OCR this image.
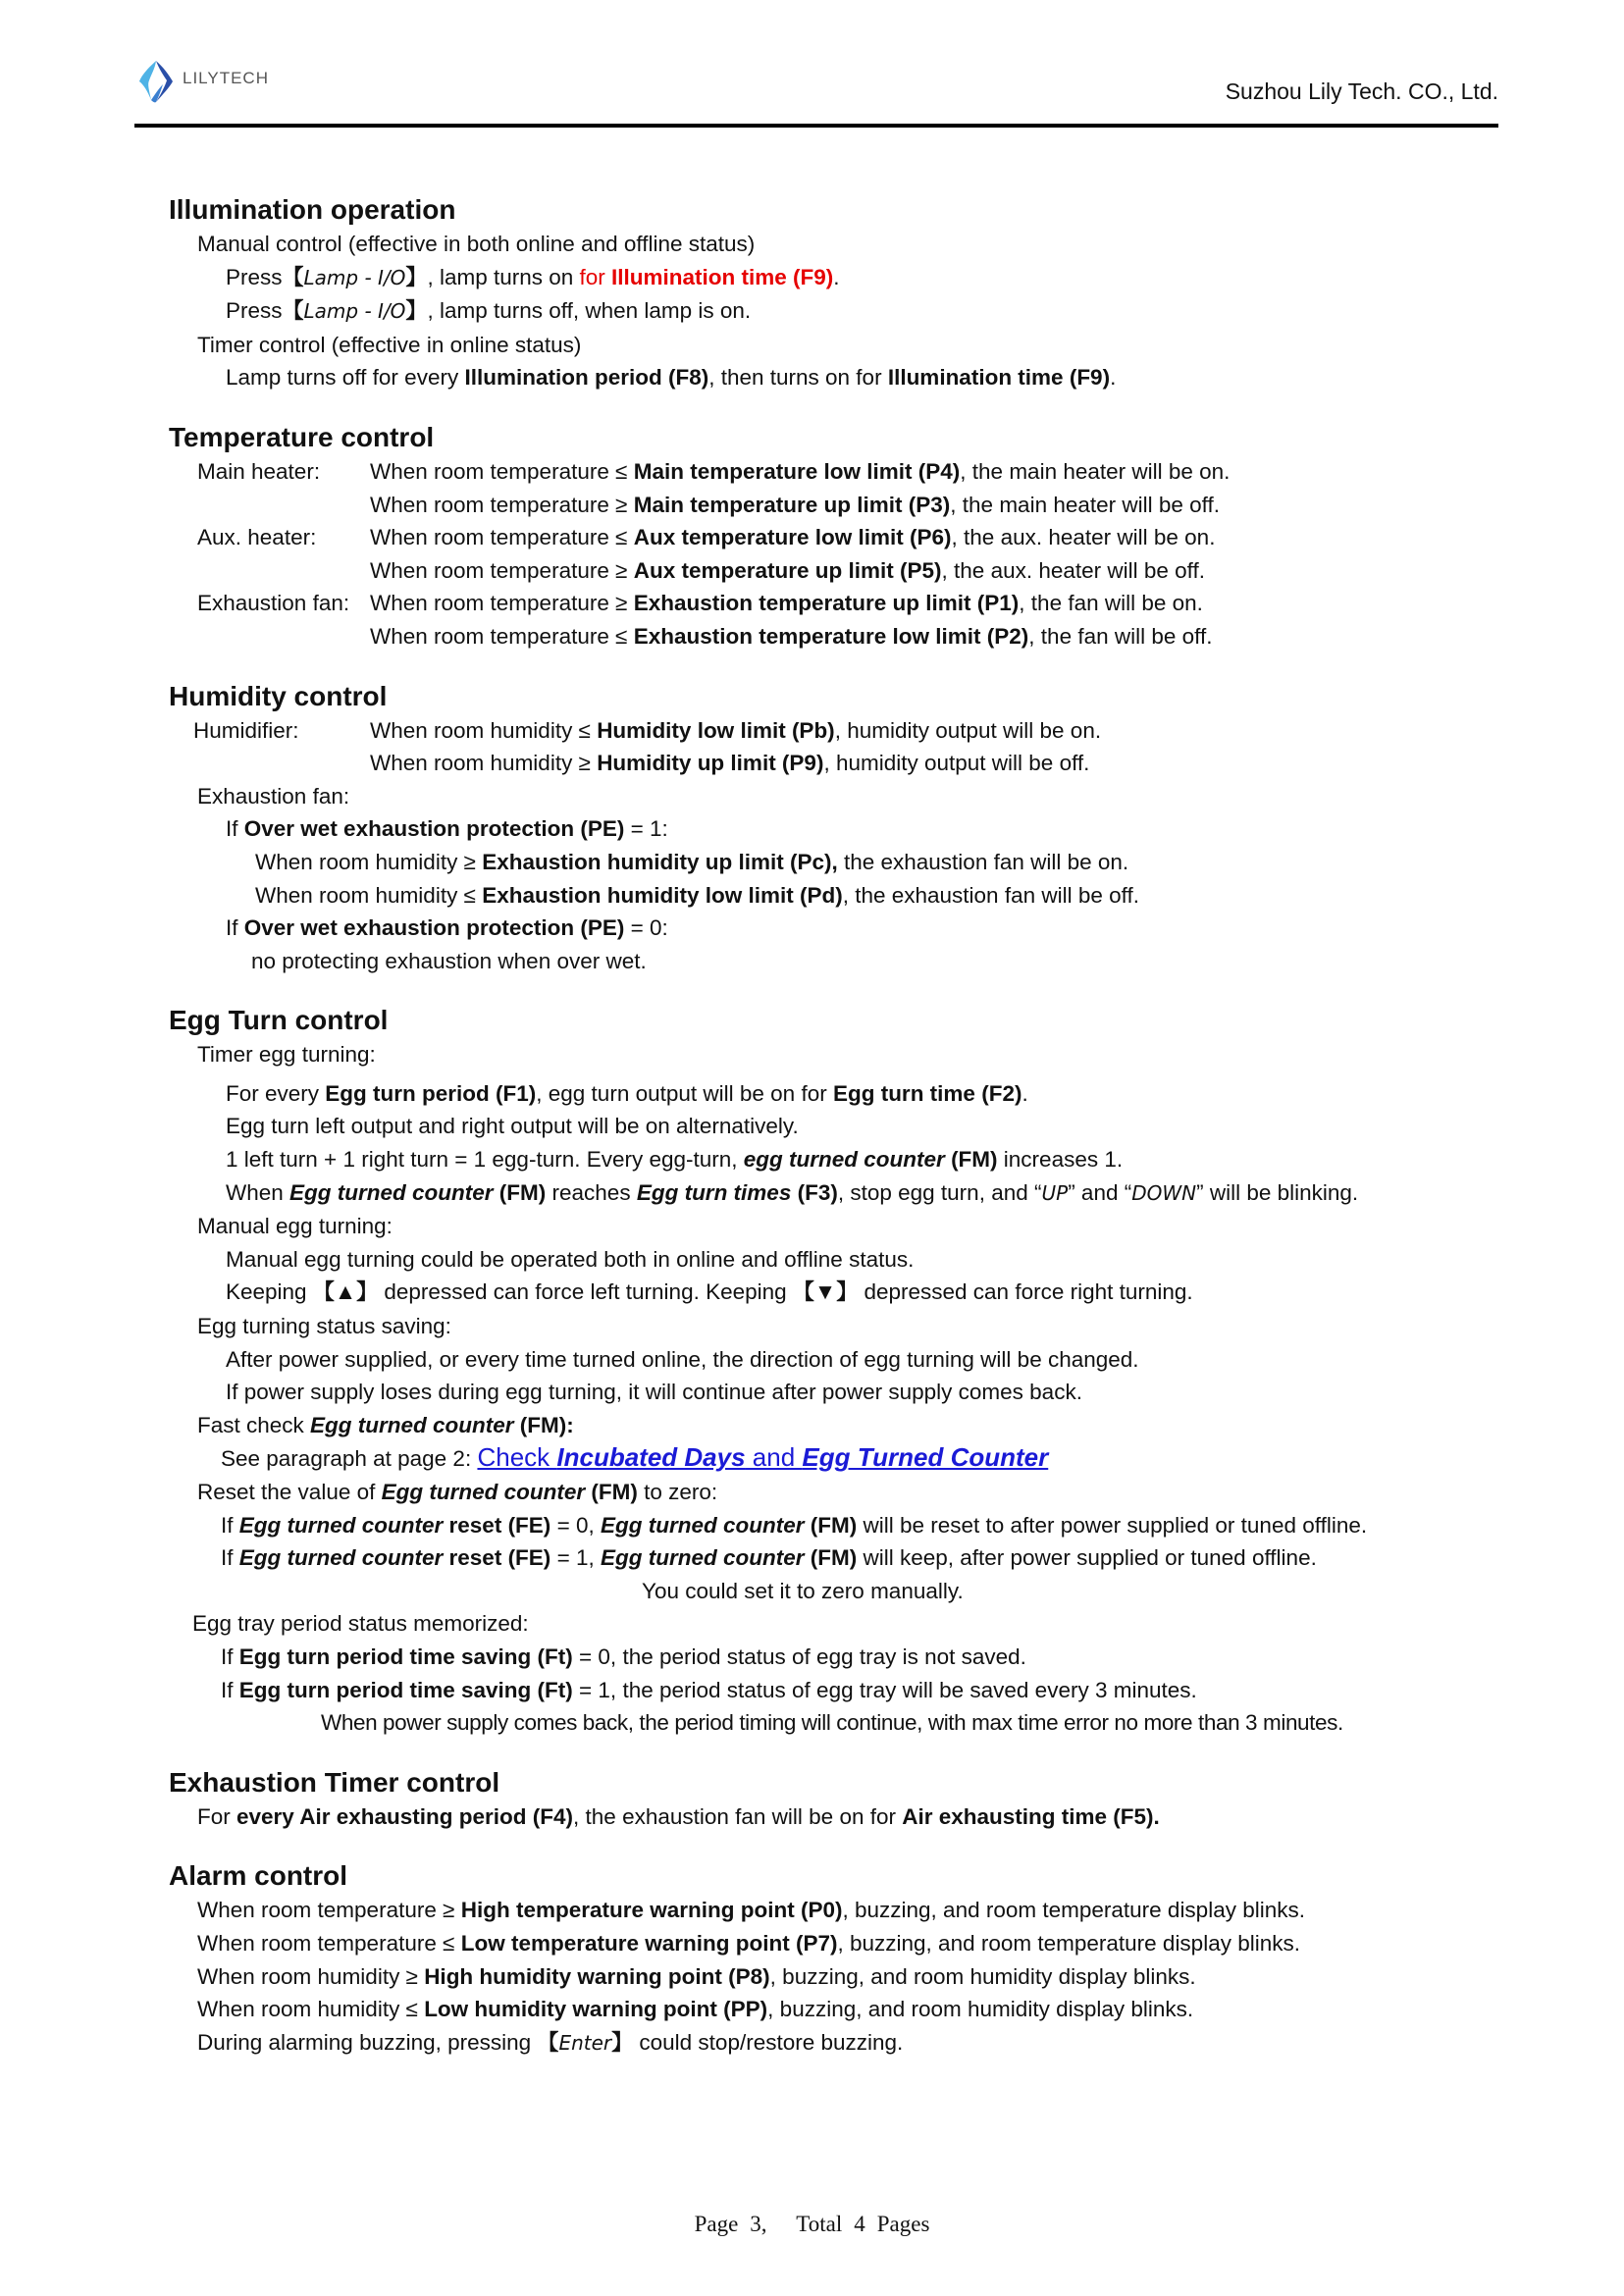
LILYTECH
Suzhou Lily Tech. CO., Ltd.
Illumination operation
Manual control (effective in both online and offline status)
Press【Lamp - I/O】, lamp turns on for Illumination time (F9).
Press【Lamp - I/O】, lamp turns off, when lamp is on.
Timer control (effective in online status)
Lamp turns off for every Illumination period (F8), then turns on for Illumination time (F9).
Temperature control
Main heater: When room temperature ≤ Main temperature low limit (P4), the main heater will be on.
When room temperature ≥ Main temperature up limit (P3), the main heater will be off.
Aux. heater: When room temperature ≤ Aux temperature low limit (P6), the aux. heater will be on.
When room temperature ≥ Aux temperature up limit (P5), the aux. heater will be off.
Exhaustion fan: When room temperature ≥ Exhaustion temperature up limit (P1), the fan will be on.
When room temperature ≤ Exhaustion temperature low limit (P2), the fan will be off.
Humidity control
Humidifier:	When room humidity ≤ Humidity low limit (Pb), humidity output will be on.
When room humidity ≥ Humidity up limit (P9), humidity output will be off.
Exhaustion fan:
If Over wet exhaustion protection (PE) = 1:
When room humidity ≥ Exhaustion humidity up limit (Pc), the exhaustion fan will be on.
When room humidity ≤ Exhaustion humidity low limit (Pd), the exhaustion fan will be off.
If Over wet exhaustion protection (PE) = 0:
no protecting exhaustion when over wet.
Egg Turn control
Timer egg turning:
For every Egg turn period (F1), egg turn output will be on for Egg turn time (F2).
Egg turn left output and right output will be on alternatively.
1 left turn + 1 right turn = 1 egg-turn. Every egg-turn, egg turned counter (FM) increases 1.
When Egg turned counter (FM) reaches Egg turn times (F3), stop egg turn, and “UP” and “DOWN” will be blinking.
Manual egg turning:
Manual egg turning could be operated both in online and offline status.
Keeping 【▲】 depressed can force left turning. Keeping 【▼】 depressed can force right turning.
Egg turning status saving:
After power supplied, or every time turned online, the direction of egg turning will be changed.
If power supply loses during egg turning, it will continue after power supply comes back.
Fast check Egg turned counter (FM):
See paragraph at page 2: Check Incubated Days and Egg Turned Counter
Reset the value of Egg turned counter (FM) to zero:
If Egg turned counter reset (FE) = 0, Egg turned counter (FM) will be reset to after power supplied or tuned offline.
If Egg turned counter reset (FE) = 1, Egg turned counter (FM) will keep, after power supplied or tuned offline.
You could set it to zero manually.
Egg tray period status memorized:
If Egg turn period time saving (Ft) = 0, the period status of egg tray is not saved.
If Egg turn period time saving (Ft) = 1, the period status of egg tray will be saved every 3 minutes.
When power supply comes back, the period timing will continue, with max time error no more than 3 minutes.
Exhaustion Timer control
For every Air exhausting period (F4), the exhaustion fan will be on for Air exhausting time (F5).
Alarm control
When room temperature ≥ High temperature warning point (P0), buzzing, and room temperature display blinks.
When room temperature ≤ Low temperature warning point (P7), buzzing, and room temperature display blinks.
When room humidity ≥ High humidity warning point (P8), buzzing, and room humidity display blinks.
When room humidity ≤ Low humidity warning point (PP), buzzing, and room humidity display blinks.
During alarming buzzing, pressing 【Enter】 could stop/restore buzzing.
Page 3, Total 4 Pages
